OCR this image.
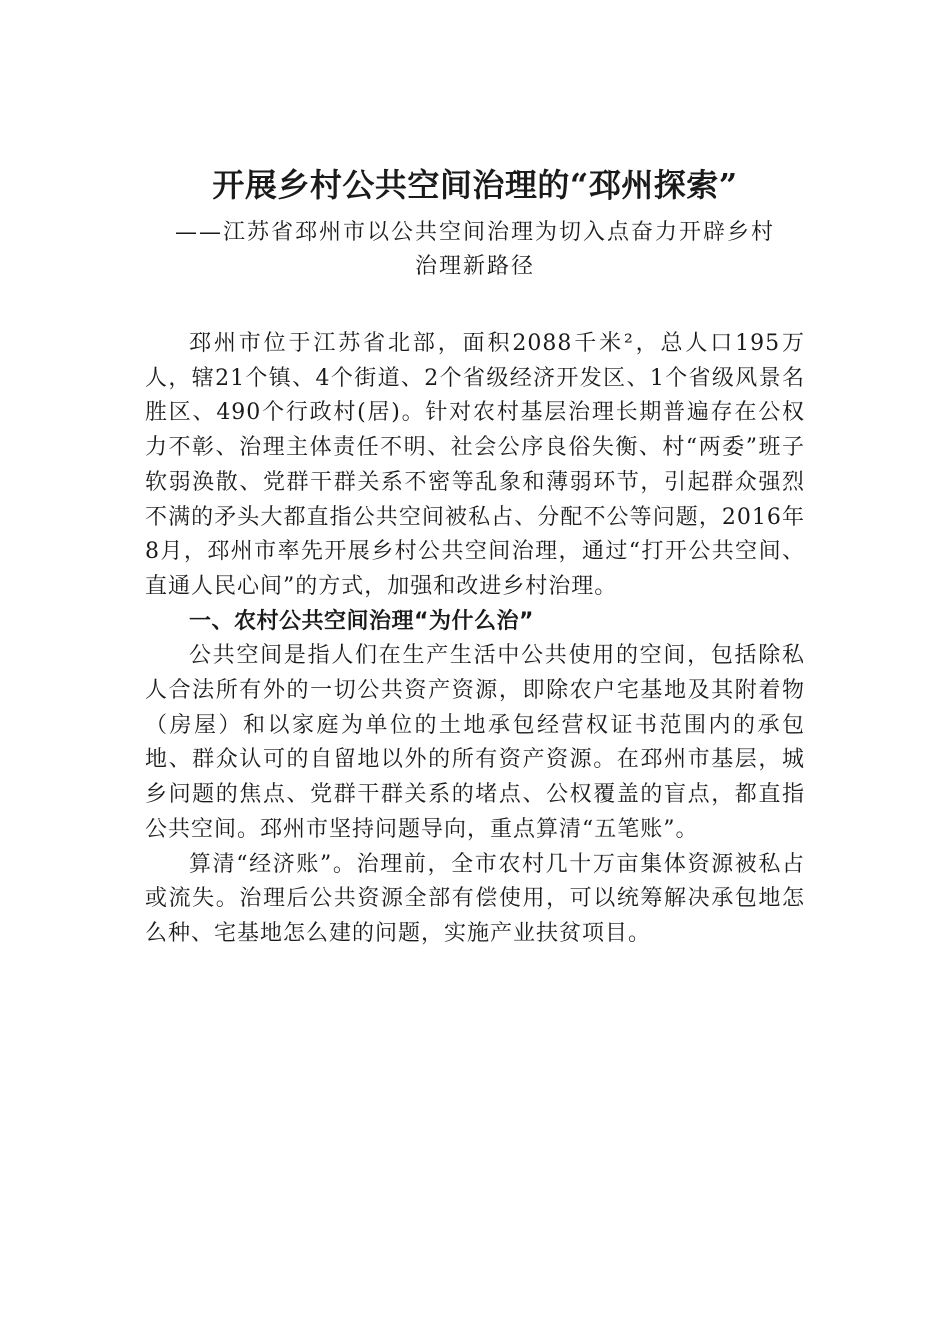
开展乡村公共空间治理的“邳州探索”
——江苏省邳州市以公共空间治理为切入点奋力开辟乡村
治理新路径

邳州市位于江苏省北部，面积2088千米²，总人口195万人，辖21个镇、4个街道、2个省级经济开发区、1个省级风景名胜区、490个行政村(居)。针对农村基层治理长期普遍存在公权力不彰、治理主体责任不明、社会公序良俗失衡、村“两委”班子软弱涣散、党群干群关系不密等乱象和薄弱环节，引起群众强烈不满的矛头大都直指公共空间被私占、分配不公等问题，2016年8月，邳州市率先开展乡村公共空间治理，通过“打开公共空间、直通人民心间”的方式，加强和改进乡村治理。

一、农村公共空间治理“为什么治”

公共空间是指人们在生产生活中公共使用的空间，包括除私人合法所有外的一切公共资产资源，即除农户宅基地及其附着物（房屋）和以家庭为单位的土地承包经营权证书范围内的承包地、群众认可的自留地以外的所有资产资源。在邳州市基层，城乡问题的焦点、党群干群关系的堵点、公权覆盖的盲点，都直指公共空间。邳州市坚持问题导向，重点算清“五笔账”。

算清“经济账”。治理前，全市农村几十万亩集体资源被私占或流失。治理后公共资源全部有偿使用，可以统筹解决承包地怎么种、宅基地怎么建的问题，实施产业扶贫项目。
